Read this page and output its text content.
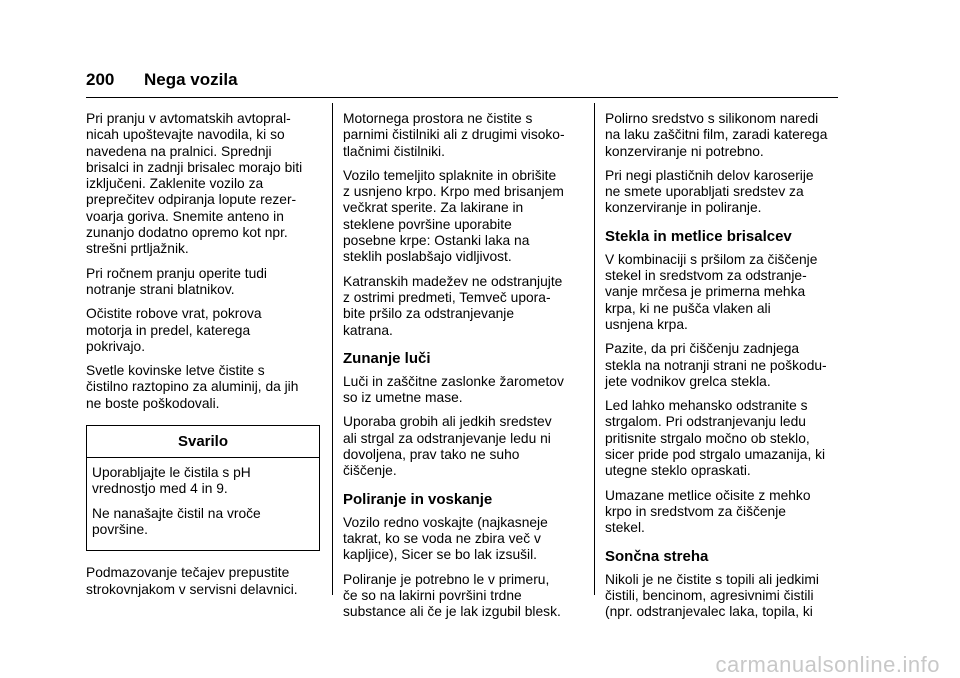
200 Nega vozila

Pri pranju v avtomatskih avtopral-
nicah upoštevajte navodila, ki so
navedena na pralnici. Sprednji
brisalci in zadnji brisalec morajo biti
izključeni. Zaklenite vozilo za
preprečitev odpiranja lopute rezer-
voarja goriva. Snemite anteno in
zunanjo dodatno opremo kot npr.
strešni prtljažnik.

Pri ročnem pranju operite tudi
notranje strani blatnikov.

Očistite robove vrat, pokrova
motorja in predel, katerega
pokrivajo.

Svetle kovinske letve čistite s
čistilno raztopino za aluminij, da jih
ne boste poškodovali.

Svarilo

Uporabljajte le čistila s pH
vrednostjo med 4 in 9.

Ne nanašajte čistil na vroče
površine.

Podmazovanje tečajev prepustite
strokovnjakom v servisni delavnici.

Motornega prostora ne čistite s
parnimi čistilniki ali z drugimi visoko-
tlačnimi čistilniki.

Vozilo temeljito splaknite in obrišite
z usnjeno krpo. Krpo med brisanjem
večkrat sperite. Za lakirane in
steklene površine uporabite
posebne krpe: Ostanki laka na
steklih poslabšajo vidljivost.

Katranskih madežev ne odstranjujte
z ostrimi predmeti, Temveč upora-
bite pršilo za odstranjevanje
katrana.

Zunanje luči

Luči in zaščitne zaslonke žarometov
so iz umetne mase.

Uporaba grobih ali jedkih sredstev
ali strgal za odstranjevanje ledu ni
dovoljena, prav tako ne suho
čiščenje.

Poliranje in voskanje

Vozilo redno voskajte (najkasneje
takrat, ko se voda ne zbira več v
kapljice), Sicer se bo lak izsušil.

Poliranje je potrebno le v primeru,
če so na lakirni površini trdne
substance ali če je lak izgubil blesk.

Polirno sredstvo s silikonom naredi
na laku zaščitni film, zaradi katerega
konzerviranje ni potrebno.

Pri negi plastičnih delov karoserije
ne smete uporabljati sredstev za
konzerviranje in poliranje.

Stekla in metlice brisalcev

V kombinaciji s pršilom za čiščenje
stekel in sredstvom za odstranje-
vanje mrčesa je primerna mehka
krpa, ki ne pušča vlaken ali
usnjena krpa.

Pazite, da pri čiščenju zadnjega
stekla na notranji strani ne poškodu-
jete vodnikov grelca stekla.

Led lahko mehansko odstranite s
strgalom. Pri odstranjevanju ledu
pritisnite strgalo močno ob steklo,
sicer pride pod strgalo umazanija, ki
utegne steklo opraskati.

Umazane metlice očisite z mehko
krpo in sredstvom za čiščenje
stekel.

Sončna streha

Nikoli je ne čistite s topili ali jedkimi
čistili, bencinom, agresivnimi čistili
(npr. odstranjevalec laka, topila, ki

carmanualsonline.info
